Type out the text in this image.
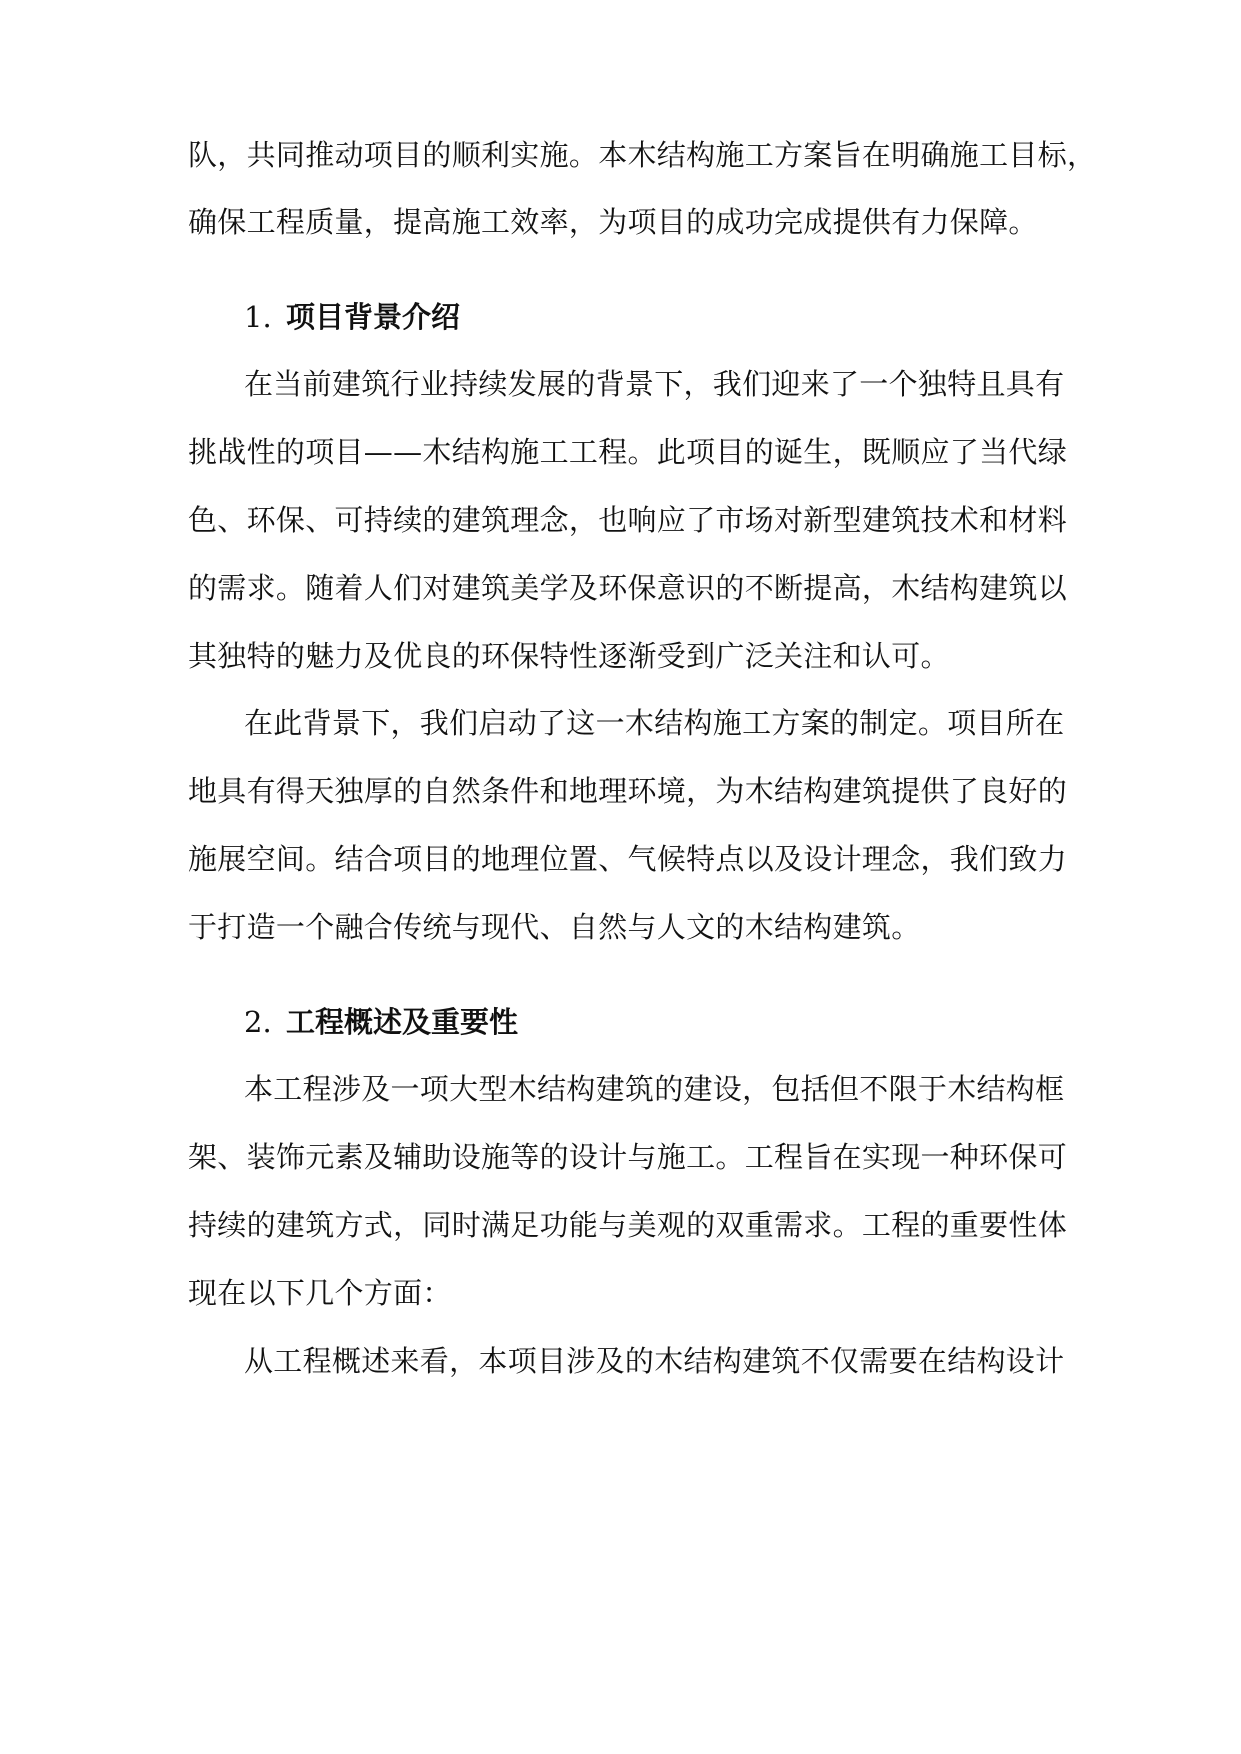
队，共同推动项目的顺利实施。本木结构施工方案旨在明确施工目标，
确保工程质量，提高施工效率，为项目的成功完成提供有力保障。
1. 项目背景介绍
在当前建筑行业持续发展的背景下，我们迎来了一个独特且具有
挑战性的项目——木结构施工工程。此项目的诞生，既顺应了当代绿
色、环保、可持续的建筑理念，也响应了市场对新型建筑技术和材料
的需求。随着人们对建筑美学及环保意识的不断提高，木结构建筑以
其独特的魅力及优良的环保特性逐渐受到广泛关注和认可。
在此背景下，我们启动了这一木结构施工方案的制定。项目所在
地具有得天独厚的自然条件和地理环境，为木结构建筑提供了良好的
施展空间。结合项目的地理位置、气候特点以及设计理念，我们致力
于打造一个融合传统与现代、自然与人文的木结构建筑。
2. 工程概述及重要性
本工程涉及一项大型木结构建筑的建设，包括但不限于木结构框
架、装饰元素及辅助设施等的设计与施工。工程旨在实现一种环保可
持续的建筑方式，同时满足功能与美观的双重需求。工程的重要性体
现在以下几个方面：
从工程概述来看，本项目涉及的木结构建筑不仅需要在结构设计
